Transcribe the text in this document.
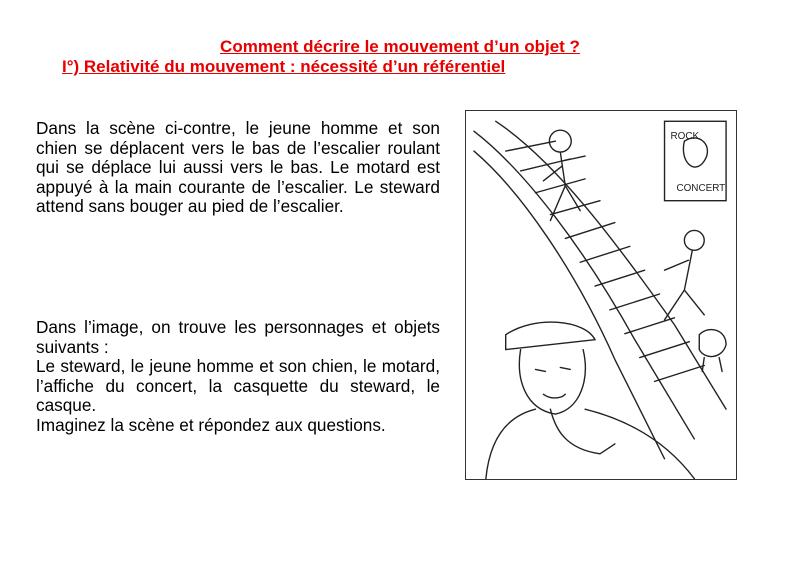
Comment décrire le mouvement d’un objet ?
I°) Relativité du mouvement : nécessité d’un référentiel
Dans la scène ci-contre, le jeune homme et son chien se déplacent vers le bas de l’escalier roulant qui se déplace lui aussi vers le bas. Le motard est appuyé à la main courante de l’escalier. Le steward attend sans bouger au pied de l’escalier.
Dans l’image, on trouve les personnages et objets suivants :
Le steward, le jeune homme et son chien, le motard, l’affiche du concert, la casquette du steward, le casque.
Imaginez la scène et répondez aux questions.
ROCK
CONCERT
